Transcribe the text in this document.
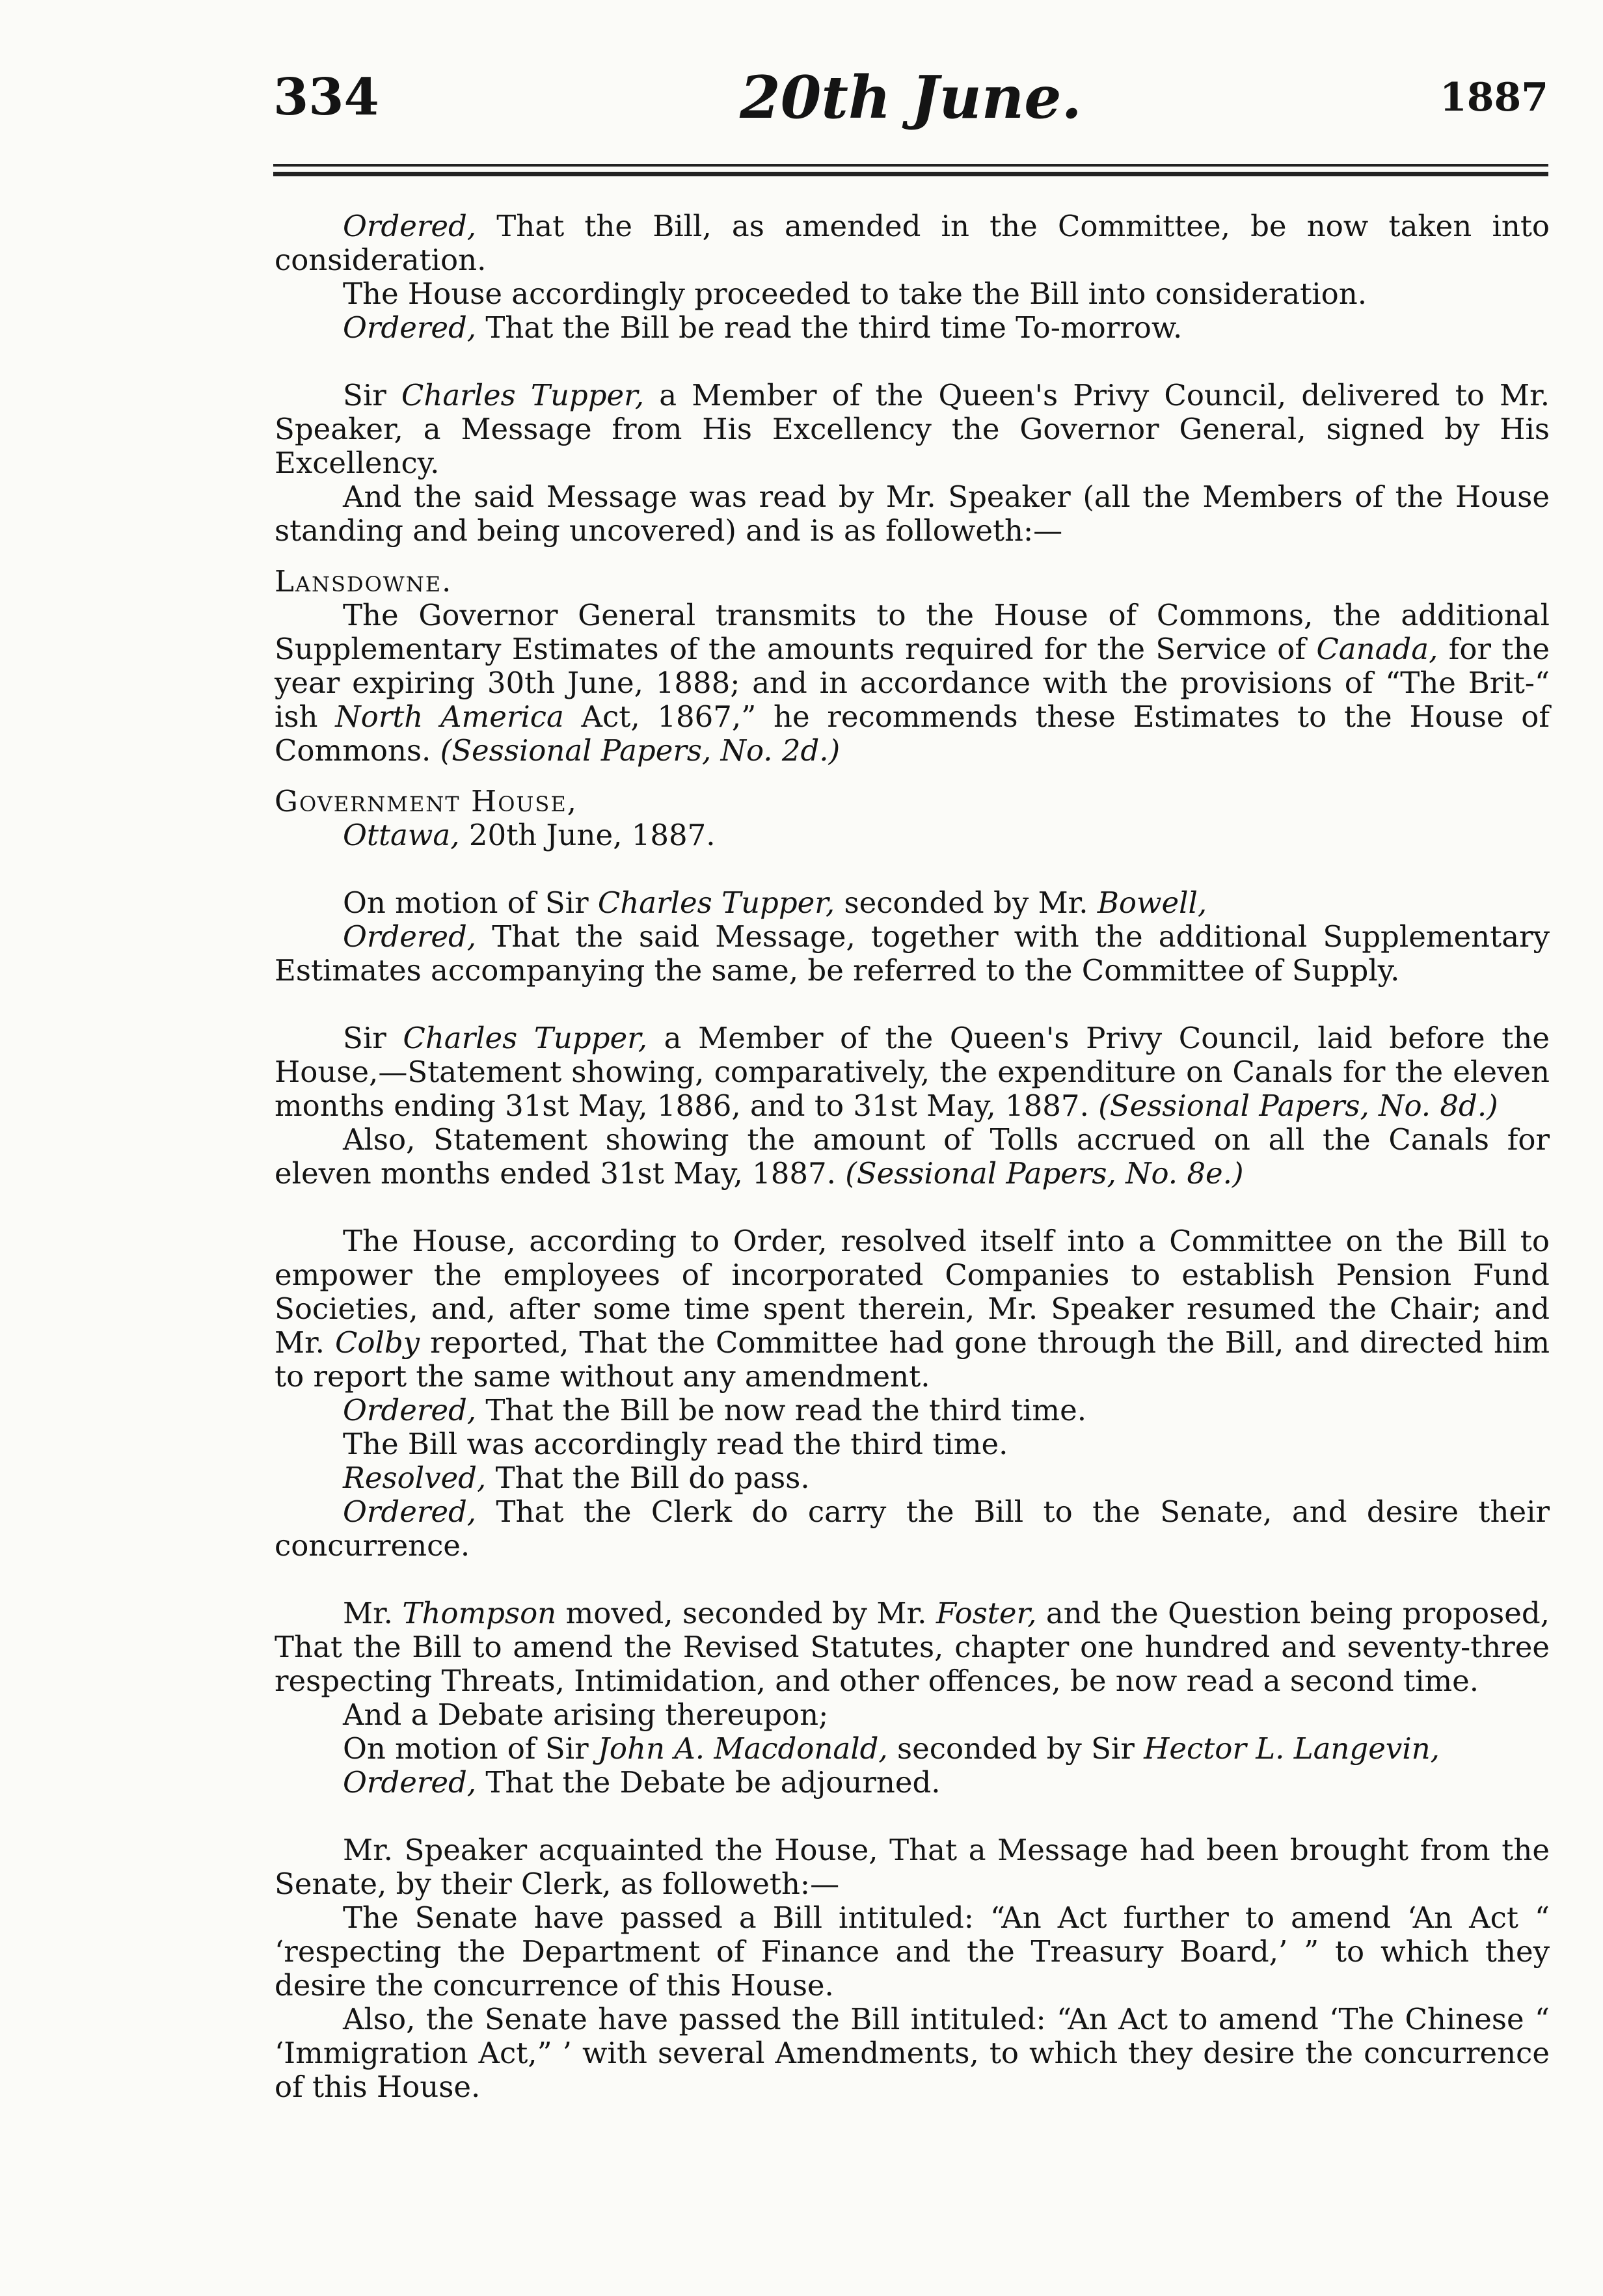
334	20th June.	1887

Ordered, That the Bill, as amended in the Committee, be now taken into consideration.

The House accordingly proceeded to take the Bill into consideration.

Ordered, That the Bill be read the third time To-morrow.

Sir Charles Tupper, a Member of the Queen's Privy Council, delivered to Mr. Speaker, a Message from His Excellency the Governor General, signed by His Excellency.

And the said Message was read by Mr. Speaker (all the Members of the House standing and being uncovered) and is as followeth:—

Lansdowne.

The Governor General transmits to the House of Commons, the additional Supplementary Estimates of the amounts required for the Service of Canada, for the year expiring 30th June, 1888; and in accordance with the provisions of “The Brit-“ ish North America Act, 1867,” he recommends these Estimates to the House of Commons. (Sessional Papers, No. 2d.)

Government House,

Ottawa, 20th June, 1887.

On motion of Sir Charles Tupper, seconded by Mr. Bowell,

Ordered, That the said Message, together with the additional Supplementary Estimates accompanying the same, be referred to the Committee of Supply.

Sir Charles Tupper, a Member of the Queen's Privy Council, laid before the House,—Statement showing, comparatively, the expenditure on Canals for the eleven months ending 31st May, 1886, and to 31st May, 1887. (Sessional Papers, No. 8d.)

Also, Statement showing the amount of Tolls accrued on all the Canals for eleven months ended 31st May, 1887. (Sessional Papers, No. 8e.)

The House, according to Order, resolved itself into a Committee on the Bill to empower the employees of incorporated Companies to establish Pension Fund Societies, and, after some time spent therein, Mr. Speaker resumed the Chair; and Mr. Colby reported, That the Committee had gone through the Bill, and directed him to report the same without any amendment.

Ordered, That the Bill be now read the third time.

The Bill was accordingly read the third time.

Resolved, That the Bill do pass.

Ordered, That the Clerk do carry the Bill to the Senate, and desire their concurrence.

Mr. Thompson moved, seconded by Mr. Foster, and the Question being proposed, That the Bill to amend the Revised Statutes, chapter one hundred and seventy-three respecting Threats, Intimidation, and other offences, be now read a second time.

And a Debate arising thereupon;

On motion of Sir John A. Macdonald, seconded by Sir Hector L. Langevin,

Ordered, That the Debate be adjourned.

Mr. Speaker acquainted the House, That a Message had been brought from the Senate, by their Clerk, as followeth:—

The Senate have passed a Bill intituled: “An Act further to amend ‘An Act “ ‘respecting the Department of Finance and the Treasury Board,’ ” to which they desire the concurrence of this House.

Also, the Senate have passed the Bill intituled: “An Act to amend ‘The Chinese “ ‘Immigration Act,” ’ with several Amendments, to which they desire the concurrence of this House.
